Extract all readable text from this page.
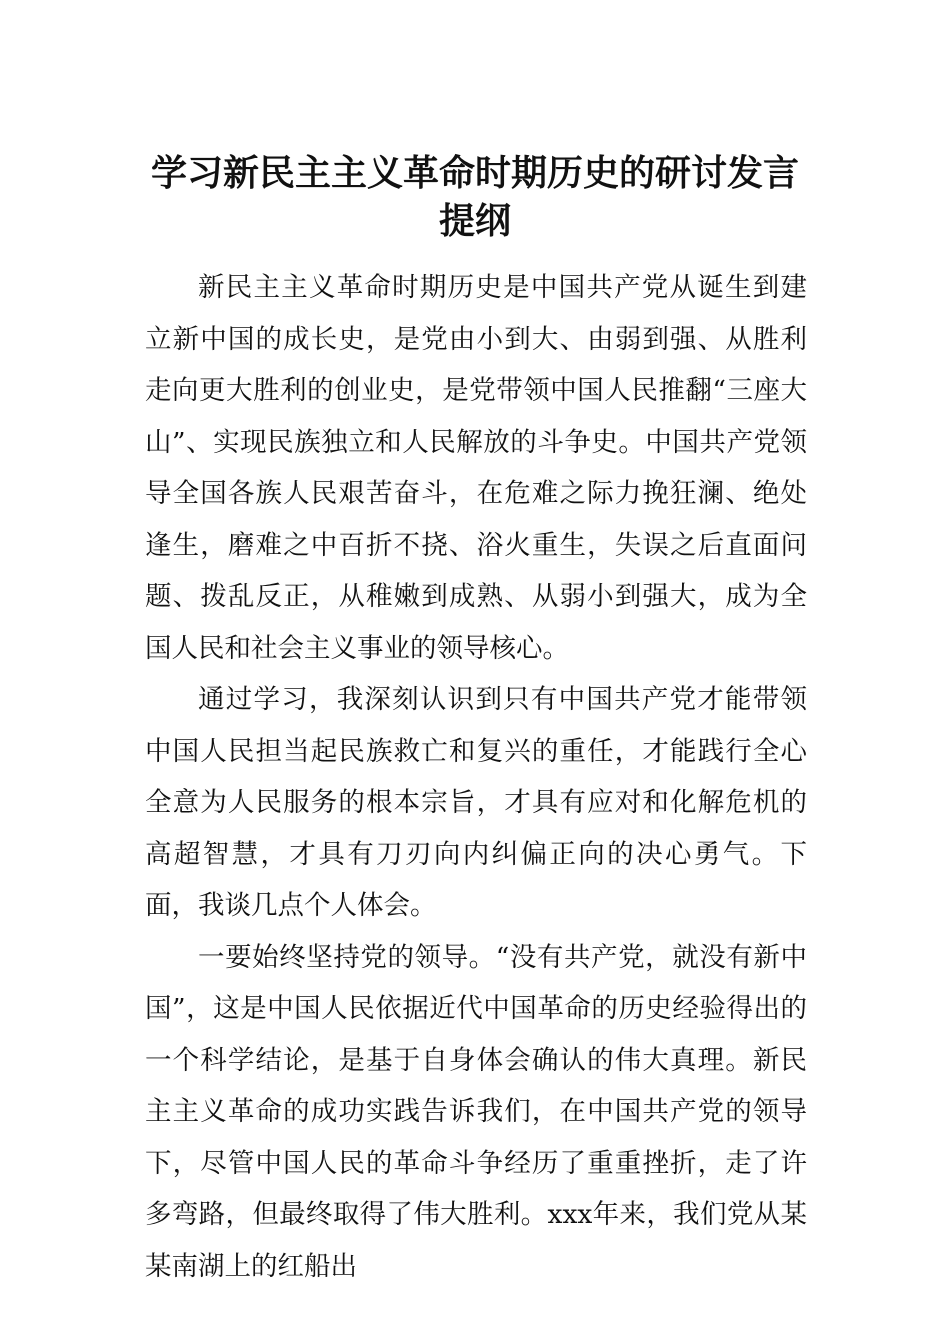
学习新民主主义革命时期历史的研讨发言
提纲

新民主主义革命时期历史是中国共产党从诞生到建立新中国的成长史，是党由小到大、由弱到强、从胜利走向更大胜利的创业史，是党带领中国人民推翻“三座大山”、实现民族独立和人民解放的斗争史。中国共产党领导全国各族人民艰苦奋斗，在危难之际力挽狂澜、绝处逢生，磨难之中百折不挠、浴火重生，失误之后直面问题、拨乱反正，从稚嫩到成熟、从弱小到强大，成为全国人民和社会主义事业的领导核心。

通过学习，我深刻认识到只有中国共产党才能带领中国人民担当起民族救亡和复兴的重任，才能践行全心全意为人民服务的根本宗旨，才具有应对和化解危机的高超智慧，才具有刀刃向内纠偏正向的决心勇气。下面，我谈几点个人体会。

一要始终坚持党的领导。“没有共产党，就没有新中国”，这是中国人民依据近代中国革命的历史经验得出的一个科学结论，是基于自身体会确认的伟大真理。新民主主义革命的成功实践告诉我们，在中国共产党的领导下，尽管中国人民的革命斗争经历了重重挫折，走了许多弯路，但最终取得了伟大胜利。xxx年来，我们党从某某南湖上的红船出
